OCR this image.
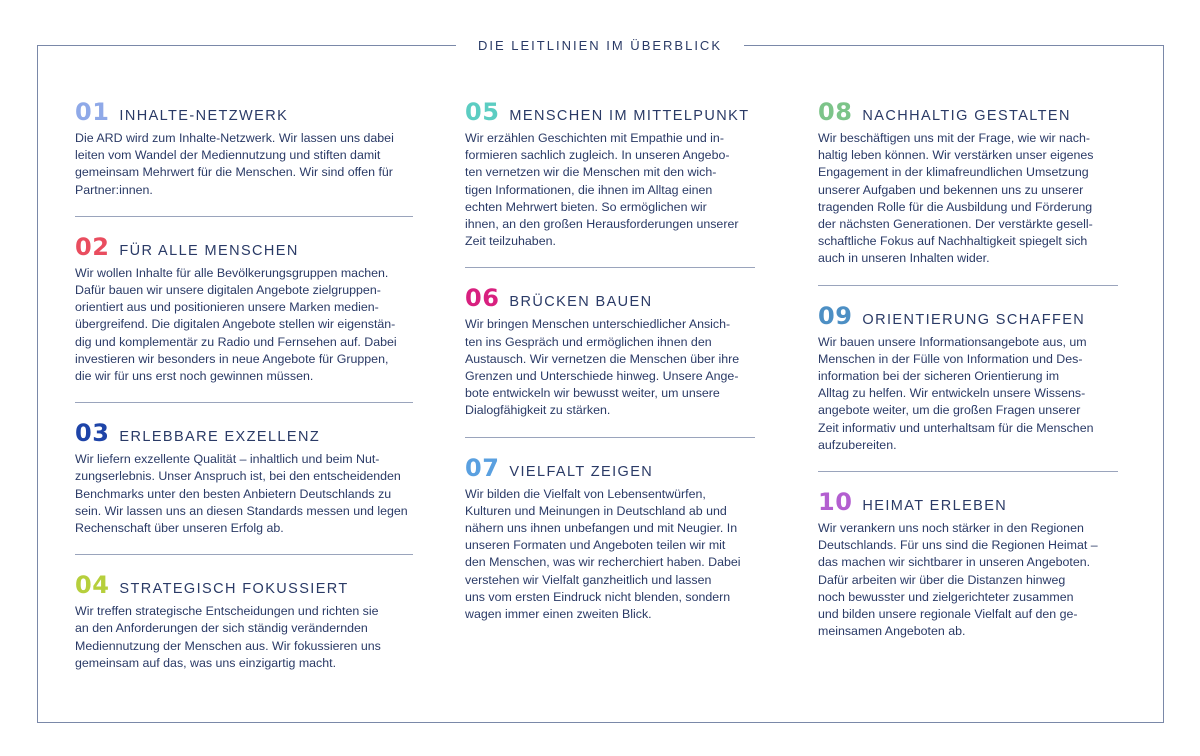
DIE LEITLINIEN IM ÜBERBLICK
01 INHALTE-NETZWERK

Die ARD wird zum Inhalte-Netzwerk. Wir lassen uns dabei
leiten vom Wandel der Mediennutzung und stiften damit
gemeinsam Mehrwert für die Menschen. Wir sind offen für
Partner:innen.

02 FÜR ALLE MENSCHEN

Wir wollen Inhalte für alle Bevölkerungsgruppen machen.
Dafür bauen wir unsere digitalen Angebote zielgruppen-
orientiert aus und positionieren unsere Marken medien-
übergreifend. Die digitalen Angebote stellen wir eigenstän-
dig und komplementär zu Radio und Fernsehen auf. Dabei
investieren wir besonders in neue Angebote für Gruppen,
die wir für uns erst noch gewinnen müssen.

03 ERLEBBARE EXZELLENZ

Wir liefern exzellente Qualität – inhaltlich und beim Nut-
zungserlebnis. Unser Anspruch ist, bei den entscheidenden
Benchmarks unter den besten Anbietern Deutschlands zu
sein. Wir lassen uns an diesen Standards messen und legen
Rechenschaft über unseren Erfolg ab.

04 STRATEGISCH FOKUSSIERT

Wir treffen strategische Entscheidungen und richten sie
an den Anforderungen der sich ständig verändernden
Mediennutzung der Menschen aus. Wir fokussieren uns
gemeinsam auf das, was uns einzigartig macht.

05 MENSCHEN IM MITTELPUNKT

Wir erzählen Geschichten mit Empathie und in-
formieren sachlich zugleich. In unseren Angebo-
ten vernetzen wir die Menschen mit den wich-
tigen Informationen, die ihnen im Alltag einen
echten Mehrwert bieten. So ermöglichen wir
ihnen, an den großen Herausforderungen unserer
Zeit teilzuhaben.

06 BRÜCKEN BAUEN

Wir bringen Menschen unterschiedlicher Ansich-
ten ins Gespräch und ermöglichen ihnen den
Austausch. Wir vernetzen die Menschen über ihre
Grenzen und Unterschiede hinweg. Unsere Ange-
bote entwickeln wir bewusst weiter, um unsere
Dialogfähigkeit zu stärken.

07 VIELFALT ZEIGEN

Wir bilden die Vielfalt von Lebensentwürfen,
Kulturen und Meinungen in Deutschland ab und
nähern uns ihnen unbefangen und mit Neugier. In
unseren Formaten und Angeboten teilen wir mit
den Menschen, was wir recherchiert haben. Dabei
verstehen wir Vielfalt ganzheitlich und lassen
uns vom ersten Eindruck nicht blenden, sondern
wagen immer einen zweiten Blick.

08 NACHHALTIG GESTALTEN

Wir beschäftigen uns mit der Frage, wie wir nach-
haltig leben können. Wir verstärken unser eigenes
Engagement in der klimafreundlichen Umsetzung
unserer Aufgaben und bekennen uns zu unserer
tragenden Rolle für die Ausbildung und Förderung
der nächsten Generationen. Der verstärkte gesell-
schaftliche Fokus auf Nachhaltigkeit spiegelt sich
auch in unseren Inhalten wider.

09 ORIENTIERUNG SCHAFFEN

Wir bauen unsere Informationsangebote aus, um
Menschen in der Fülle von Information und Des-
information bei der sicheren Orientierung im
Alltag zu helfen. Wir entwickeln unsere Wissens-
angebote weiter, um die großen Fragen unserer
Zeit informativ und unterhaltsam für die Menschen
aufzubereiten.

10 HEIMAT ERLEBEN

Wir verankern uns noch stärker in den Regionen
Deutschlands. Für uns sind die Regionen Heimat –
das machen wir sichtbarer in unseren Angeboten.
Dafür arbeiten wir über die Distanzen hinweg
noch bewusster und zielgerichteter zusammen
und bilden unsere regionale Vielfalt auf den ge-
meinsamen Angeboten ab.
